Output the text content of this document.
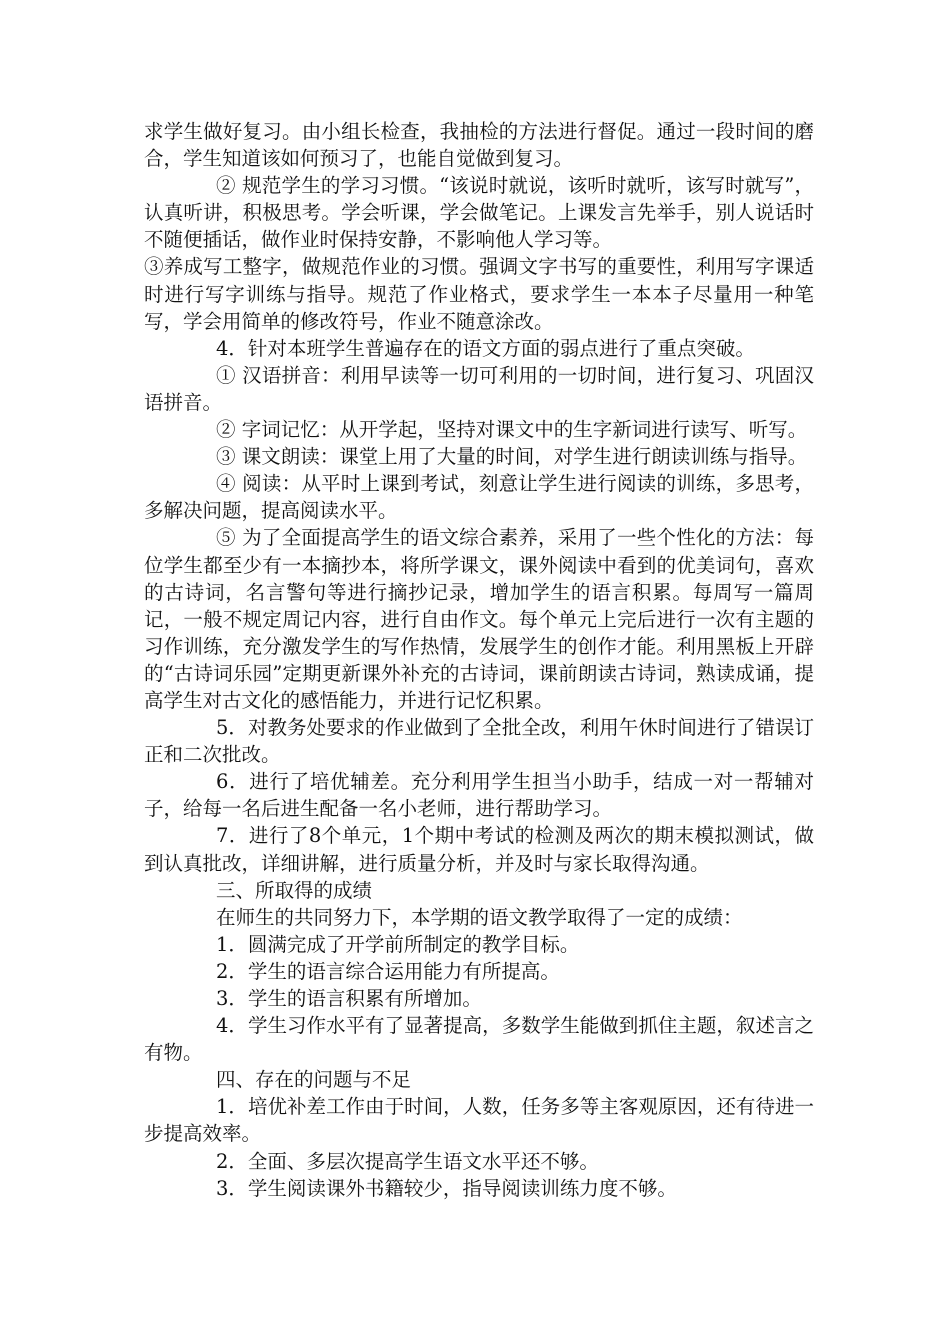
求学生做好复习。由小组长检查，我抽检的方法进行督促。通过一段时间的磨合，学生知道该如何预习了，也能自觉做到复习。

② 规范学生的学习习惯。“该说时就说，该听时就听，该写时就写”，认真听讲，积极思考。学会听课，学会做笔记。上课发言先举手，别人说话时不随便插话，做作业时保持安静，不影响他人学习等。

③养成写工整字，做规范作业的习惯。强调文字书写的重要性，利用写字课适时进行写字训练与指导。规范了作业格式，要求学生一本本子尽量用一种笔写，学会用简单的修改符号，作业不随意涂改。

4．针对本班学生普遍存在的语文方面的弱点进行了重点突破。

① 汉语拼音：利用早读等一切可利用的一切时间，进行复习、巩固汉语拼音。

② 字词记忆：从开学起，坚持对课文中的生字新词进行读写、听写。

③ 课文朗读：课堂上用了大量的时间，对学生进行朗读训练与指导。

④ 阅读：从平时上课到考试，刻意让学生进行阅读的训练，多思考，多解决问题，提高阅读水平。

⑤ 为了全面提高学生的语文综合素养，采用了一些个性化的方法：每位学生都至少有一本摘抄本，将所学课文，课外阅读中看到的优美词句，喜欢的古诗词，名言警句等进行摘抄记录，增加学生的语言积累。每周写一篇周记，一般不规定周记内容，进行自由作文。每个单元上完后进行一次有主题的习作训练，充分激发学生的写作热情，发展学生的创作才能。利用黑板上开辟的“古诗词乐园”定期更新课外补充的古诗词，课前朗读古诗词，熟读成诵，提高学生对古文化的感悟能力，并进行记忆积累。

5．对教务处要求的作业做到了全批全改，利用午休时间进行了错误订正和二次批改。

6．进行了培优辅差。充分利用学生担当小助手，结成一对一帮辅对子，给每一名后进生配备一名小老师，进行帮助学习。

7．进行了8个单元，1个期中考试的检测及两次的期末模拟测试，做到认真批改，详细讲解，进行质量分析，并及时与家长取得沟通。

三、所取得的成绩

在师生的共同努力下，本学期的语文教学取得了一定的成绩：

1．圆满完成了开学前所制定的教学目标。

2．学生的语言综合运用能力有所提高。

3．学生的语言积累有所增加。

4．学生习作水平有了显著提高，多数学生能做到抓住主题，叙述言之有物。

四、存在的问题与不足

1．培优补差工作由于时间，人数，任务多等主客观原因，还有待进一步提高效率。

2．全面、多层次提高学生语文水平还不够。

3．学生阅读课外书籍较少，指导阅读训练力度不够。
